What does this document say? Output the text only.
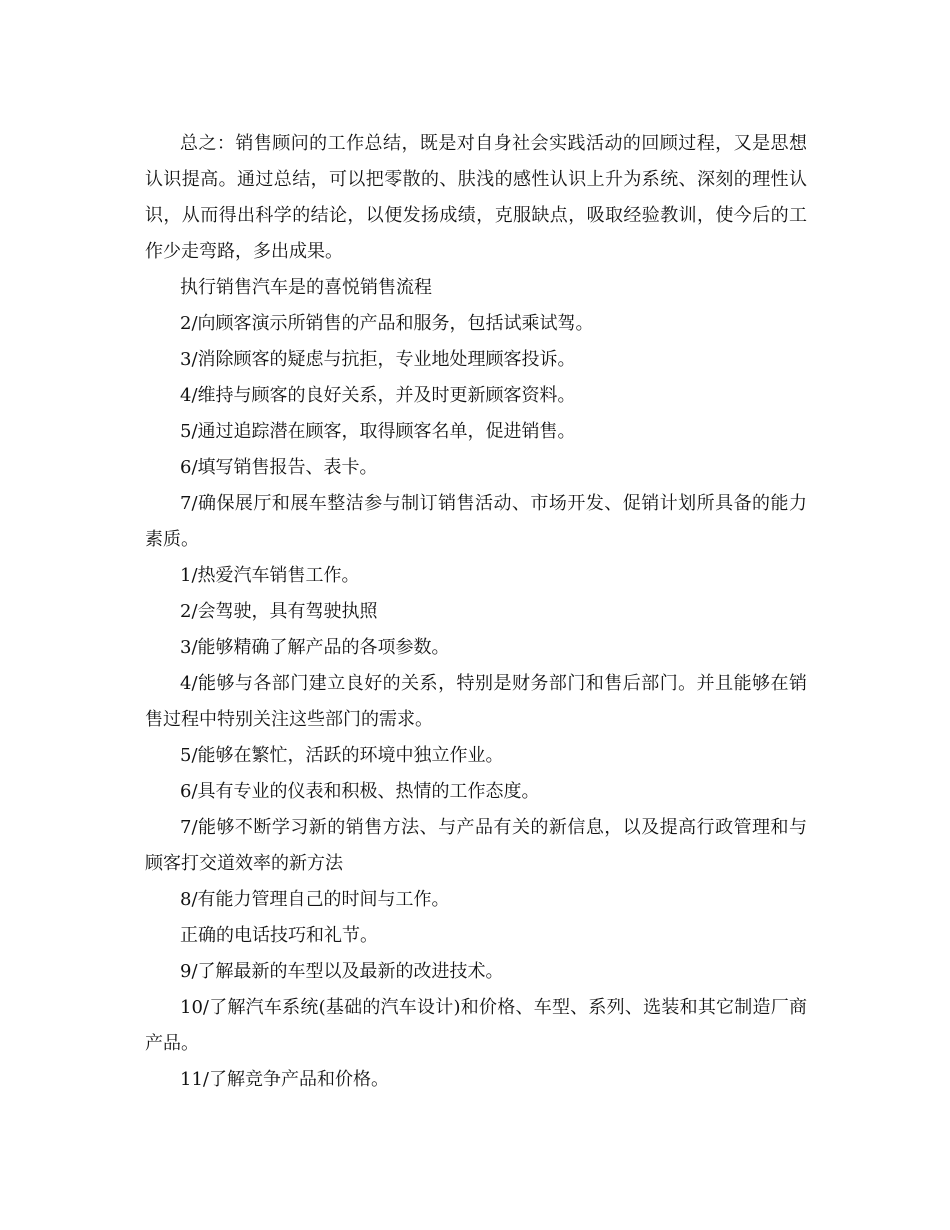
总之：销售顾问的工作总结，既是对自身社会实践活动的回顾过程，又是思想认识提高。通过总结，可以把零散的、肤浅的感性认识上升为系统、深刻的理性认识，从而得出科学的结论，以便发扬成绩，克服缺点，吸取经验教训，使今后的工作少走弯路，多出成果。

执行销售汽车是的喜悦销售流程

2/向顾客演示所销售的产品和服务，包括试乘试驾。

3/消除顾客的疑虑与抗拒，专业地处理顾客投诉。

4/维持与顾客的良好关系，并及时更新顾客资料。

5/通过追踪潜在顾客，取得顾客名单，促进销售。

6/填写销售报告、表卡。

7/确保展厅和展车整洁参与制订销售活动、市场开发、促销计划所具备的能力素质。

1/热爱汽车销售工作。

2/会驾驶，具有驾驶执照

3/能够精确了解产品的各项参数。

4/能够与各部门建立良好的关系，特别是财务部门和售后部门。并且能够在销售过程中特别关注这些部门的需求。

5/能够在繁忙，活跃的环境中独立作业。

6/具有专业的仪表和积极、热情的工作态度。

7/能够不断学习新的销售方法、与产品有关的新信息，以及提高行政管理和与顾客打交道效率的新方法

8/有能力管理自己的时间与工作。

正确的电话技巧和礼节。

9/了解最新的车型以及最新的改进技术。

10/了解汽车系统(基础的汽车设计)和价格、车型、系列、选装和其它制造厂商产品。

11/了解竞争产品和价格。
